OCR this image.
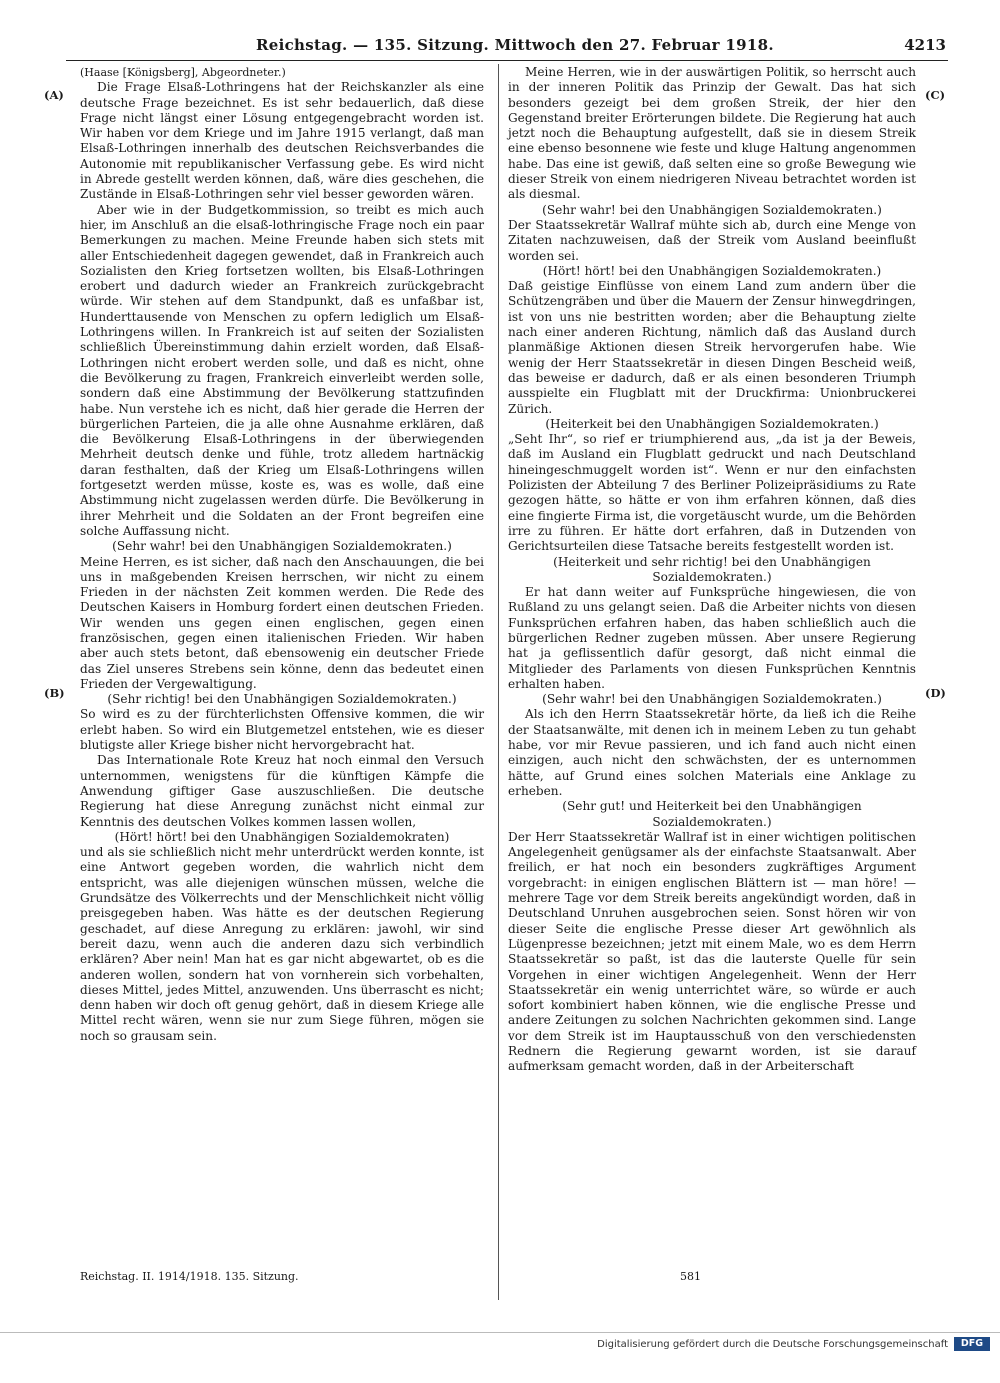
Reichstag. — 135. Sitzung. Mittwoch den 27. Februar 1918.	4213
(A)
(B)
(C)
(D)

(Haase [Königsberg], Abgeordneter.)

Die Frage Elsaß-Lothringens hat der Reichskanzler als eine deutsche Frage bezeichnet. Es ist sehr bedauerlich, daß diese Frage nicht längst einer Lösung entgegengebracht worden ist. Wir haben vor dem Kriege und im Jahre 1915 verlangt, daß man Elsaß-Lothringen innerhalb des deutschen Reichsverbandes die Autonomie mit republikanischer Verfassung gebe. Es wird nicht in Abrede gestellt werden können, daß, wäre dies geschehen, die Zustände in Elsaß-Lothringen sehr viel besser geworden wären.

Aber wie in der Budgetkommission, so treibt es mich auch hier, im Anschluß an die elsaß-lothringische Frage noch ein paar Bemerkungen zu machen. Meine Freunde haben sich stets mit aller Entschiedenheit dagegen gewendet, daß in Frankreich auch Sozialisten den Krieg fortsetzen wollten, bis Elsaß-Lothringen erobert und dadurch wieder an Frankreich zurückgebracht würde. Wir stehen auf dem Standpunkt, daß es unfaßbar ist, Hunderttausende von Menschen zu opfern lediglich um Elsaß-Lothringens willen. In Frankreich ist auf seiten der Sozialisten schließlich Übereinstimmung dahin erzielt worden, daß Elsaß-Lothringen nicht erobert werden solle, und daß es nicht, ohne die Bevölkerung zu fragen, Frankreich einverleibt werden solle, sondern daß eine Abstimmung der Bevölkerung stattzufinden habe. Nun verstehe ich es nicht, daß hier gerade die Herren der bürgerlichen Parteien, die ja alle ohne Ausnahme erklären, daß die Bevölkerung Elsaß-Lothringens in der überwiegenden Mehrheit deutsch denke und fühle, trotz alledem hartnäckig daran festhalten, daß der Krieg um Elsaß-Lothringens willen fortgesetzt werden müsse, koste es, was es wolle, daß eine Abstimmung nicht zugelassen werden dürfe. Die Bevölkerung in ihrer Mehrheit und die Soldaten an der Front begreifen eine solche Auffassung nicht.

(Sehr wahr! bei den Unabhängigen Sozialdemokraten.)

Meine Herren, es ist sicher, daß nach den Anschauungen, die bei uns in maßgebenden Kreisen herrschen, wir nicht zu einem Frieden in der nächsten Zeit kommen werden. Die Rede des Deutschen Kaisers in Homburg fordert einen deutschen Frieden. Wir wenden uns gegen einen englischen, gegen einen französischen, gegen einen italienischen Frieden. Wir haben aber auch stets betont, daß ebensowenig ein deutscher Friede das Ziel unseres Strebens sein könne, denn das bedeutet einen Frieden der Vergewaltigung.

(Sehr richtig! bei den Unabhängigen Sozialdemokraten.)

So wird es zu der fürchterlichsten Offensive kommen, die wir erlebt haben. So wird ein Blutgemetzel entstehen, wie es dieser blutigste aller Kriege bisher nicht hervorgebracht hat.

Das Internationale Rote Kreuz hat noch einmal den Versuch unternommen, wenigstens für die künftigen Kämpfe die Anwendung giftiger Gase auszuschließen. Die deutsche Regierung hat diese Anregung zunächst nicht einmal zur Kenntnis des deutschen Volkes kommen lassen wollen,

(Hört! hört! bei den Unabhängigen Sozialdemokraten)

und als sie schließlich nicht mehr unterdrückt werden konnte, ist eine Antwort gegeben worden, die wahrlich nicht dem entspricht, was alle diejenigen wünschen müssen, welche die Grundsätze des Völkerrechts und der Menschlichkeit nicht völlig preisgegeben haben. Was hätte es der deutschen Regierung geschadet, auf diese Anregung zu erklären: jawohl, wir sind bereit dazu, wenn auch die anderen dazu sich verbindlich erklären? Aber nein! Man hat es gar nicht abgewartet, ob es die anderen wollen, sondern hat von vornherein sich vorbehalten, dieses Mittel, jedes Mittel, anzuwenden. Uns überrascht es nicht; denn haben wir doch oft genug gehört, daß in diesem Kriege alle Mittel recht wären, wenn sie nur zum Siege führen, mögen sie noch so grausam sein.

Meine Herren, wie in der auswärtigen Politik, so herrscht auch in der inneren Politik das Prinzip der Gewalt. Das hat sich besonders gezeigt bei dem großen Streik, der hier den Gegenstand breiter Erörterungen bildete. Die Regierung hat auch jetzt noch die Behauptung aufgestellt, daß sie in diesem Streik eine ebenso besonnene wie feste und kluge Haltung angenommen habe. Das eine ist gewiß, daß selten eine so große Bewegung wie dieser Streik von einem niedrigeren Niveau betrachtet worden ist als diesmal.

(Sehr wahr! bei den Unabhängigen Sozialdemokraten.)

Der Staatssekretär Wallraf mühte sich ab, durch eine Menge von Zitaten nachzuweisen, daß der Streik vom Ausland beeinflußt worden sei.

(Hört! hört! bei den Unabhängigen Sozialdemokraten.)

Daß geistige Einflüsse von einem Land zum andern über die Schützengräben und über die Mauern der Zensur hinwegdringen, ist von uns nie bestritten worden; aber die Behauptung zielte nach einer anderen Richtung, nämlich daß das Ausland durch planmäßige Aktionen diesen Streik hervorgerufen habe. Wie wenig der Herr Staatssekretär in diesen Dingen Bescheid weiß, das beweise er dadurch, daß er als einen besonderen Triumph ausspielte ein Flugblatt mit der Druckfirma: Unionbruckerei Zürich.

(Heiterkeit bei den Unabhängigen Sozialdemokraten.)

„Seht Ihr“, so rief er triumphierend aus, „da ist ja der Beweis, daß im Ausland ein Flugblatt gedruckt und nach Deutschland hineingeschmuggelt worden ist“. Wenn er nur den einfachsten Polizisten der Abteilung 7 des Berliner Polizeipräsidiums zu Rate gezogen hätte, so hätte er von ihm erfahren können, daß dies eine fingierte Firma ist, die vorgetäuscht wurde, um die Behörden irre zu führen. Er hätte dort erfahren, daß in Dutzenden von Gerichtsurteilen diese Tatsache bereits festgestellt worden ist.

(Heiterkeit und sehr richtig! bei den Unabhängigen Sozialdemokraten.)

Er hat dann weiter auf Funksprüche hingewiesen, die von Rußland zu uns gelangt seien. Daß die Arbeiter nichts von diesen Funksprüchen erfahren haben, das haben schließlich auch die bürgerlichen Redner zugeben müssen. Aber unsere Regierung hat ja geflissentlich dafür gesorgt, daß nicht einmal die Mitglieder des Parlaments von diesen Funksprüchen Kenntnis erhalten haben.

(Sehr wahr! bei den Unabhängigen Sozialdemokraten.)

Als ich den Herrn Staatssekretär hörte, da ließ ich die Reihe der Staatsanwälte, mit denen ich in meinem Leben zu tun gehabt habe, vor mir Revue passieren, und ich fand auch nicht einen einzigen, auch nicht den schwächsten, der es unternommen hätte, auf Grund eines solchen Materials eine Anklage zu erheben.

(Sehr gut! und Heiterkeit bei den Unabhängigen Sozialdemokraten.)

Der Herr Staatssekretär Wallraf ist in einer wichtigen politischen Angelegenheit genügsamer als der einfachste Staatsanwalt. Aber freilich, er hat noch ein besonders zugkräftiges Argument vorgebracht: in einigen englischen Blättern ist — man höre! — mehrere Tage vor dem Streik bereits angekündigt worden, daß in Deutschland Unruhen ausgebrochen seien. Sonst hören wir von dieser Seite die englische Presse dieser Art gewöhnlich als Lügenpresse bezeichnen; jetzt mit einem Male, wo es dem Herrn Staatssekretär so paßt, ist das die lauterste Quelle für sein Vorgehen in einer wichtigen Angelegenheit. Wenn der Herr Staatssekretär ein wenig unterrichtet wäre, so würde er auch sofort kombiniert haben können, wie die englische Presse und andere Zeitungen zu solchen Nachrichten gekommen sind. Lange vor dem Streik ist im Hauptausschuß von den verschiedensten Rednern die Regierung gewarnt worden, ist sie darauf aufmerksam gemacht worden, daß in der Arbeiterschaft

Reichstag. II. 1914/1918. 135. Sitzung.	581
Digitalisierung gefördert durch die Deutsche Forschungsgemeinschaft	DFG
